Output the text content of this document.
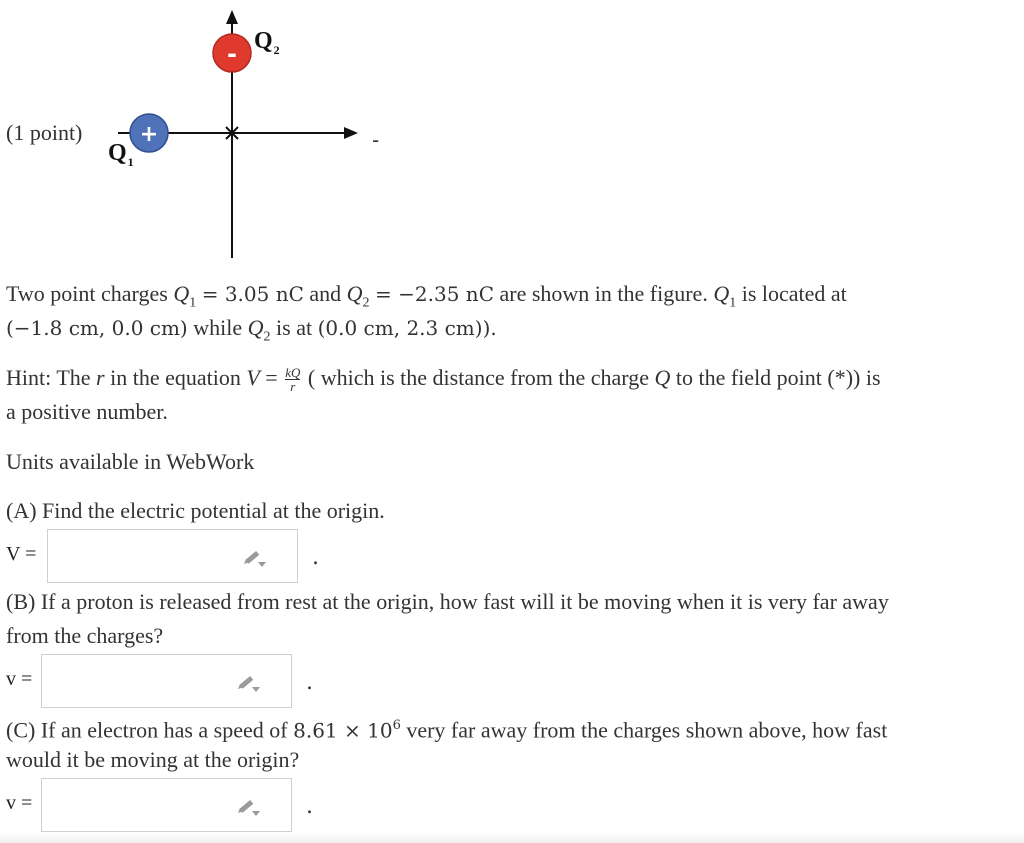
+
- $Q_2$
$Q_1$
-
(1 point)
Two point charges $Q_1 = 3.05$ nC and $Q_2 = -2.35$ nC are shown in the figure. $Q_1$ is located at
(−1.8 cm, 0.0 cm) while $Q_2$ is at (0.0 cm, 2.3 cm)).
Hint: The r in the equation $V = \frac{kQ}{r}$ ( which is the distance from the charge Q to the field point (*)) is
a positive number.
Units available in WebWork
(A) Find the electric potential at the origin.
V =	.
(B) If a proton is released from rest at the origin, how fast will it be moving when it is very far away
from the charges?
v =	.
(C) If an electron has a speed of $8.61 \times 10^6$ very far away from the charges shown above, how fast
would it be moving at the origin?
v =	.
